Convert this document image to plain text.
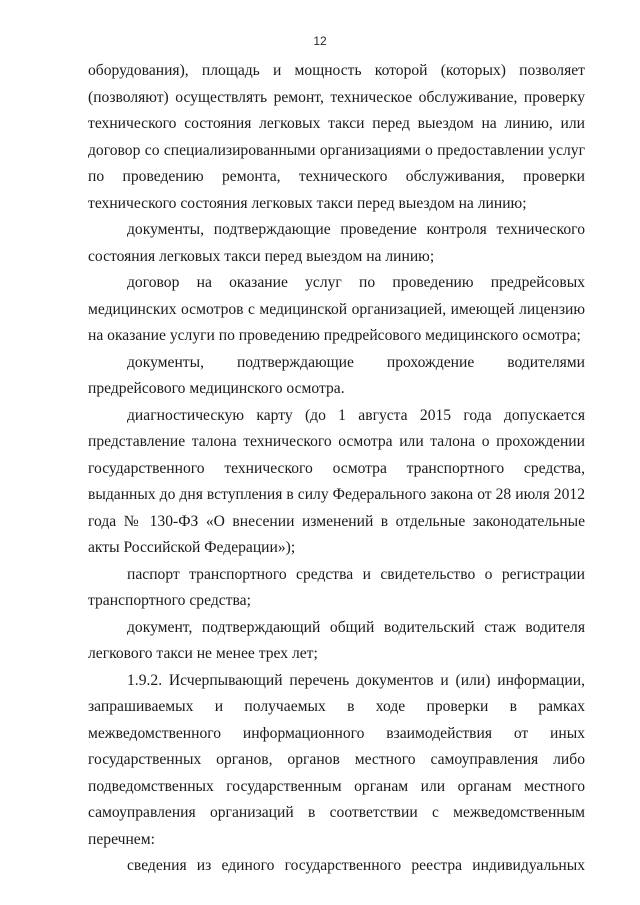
12

оборудования), площадь и мощность которой (которых) позволяет (позволяют) осуществлять ремонт, техническое обслуживание, проверку технического состояния легковых такси перед выездом на линию, или договор со специализированными организациями о предоставлении услуг по проведению ремонта, технического обслуживания, проверки технического состояния легковых такси перед выездом на линию;

документы, подтверждающие проведение контроля технического состояния легковых такси перед выездом на линию;

договор на оказание услуг по проведению предрейсовых медицинских осмотров с медицинской организацией, имеющей лицензию на оказание услуги по проведению предрейсового медицинского осмотра;

документы, подтверждающие прохождение водителями предрейсового медицинского осмотра.

диагностическую карту (до 1 августа 2015 года допускается представление талона технического осмотра или талона о прохождении государственного технического осмотра транспортного средства, выданных до дня вступления в силу Федерального закона от 28 июля 2012 года № 130-ФЗ «О внесении изменений в отдельные законодательные акты Российской Федерации»);

паспорт транспортного средства и свидетельство о регистрации транспортного средства;

документ, подтверждающий общий водительский стаж водителя легкового такси не менее трех лет;

1.9.2. Исчерпывающий перечень документов и (или) информации, запрашиваемых и получаемых в ходе проверки в рамках межведомственного информационного взаимодействия от иных государственных органов, органов местного самоуправления либо подведомственных государственным органам или органам местного самоуправления организаций в соответствии с межведомственным перечнем:

сведения из единого государственного реестра индивидуальных
